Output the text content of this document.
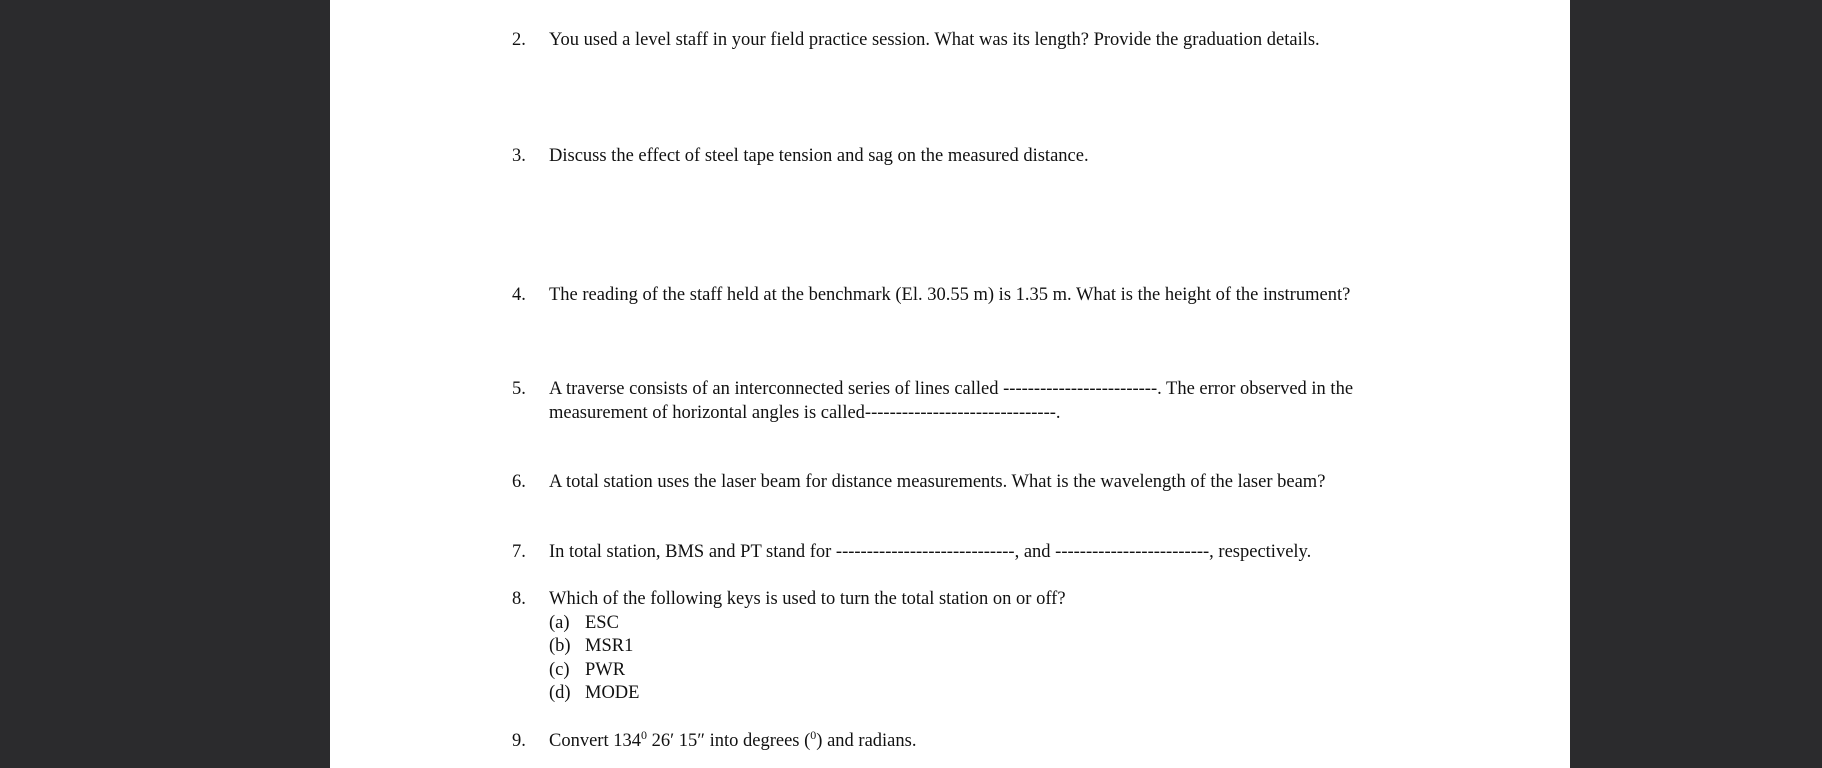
2. You used a level staff in your field practice session. What was its length? Provide the graduation details.
3. Discuss the effect of steel tape tension and sag on the measured distance.
4. The reading of the staff held at the benchmark (El. 30.55 m) is 1.35 m. What is the height of the instrument?
5. A traverse consists of an interconnected series of lines called -------------------------. The error observed in the
measurement of horizontal angles is called-------------------------------.
6. A total station uses the laser beam for distance measurements. What is the wavelength of the laser beam?
7. In total station, BMS and PT stand for -----------------------------, and -------------------------, respectively.
8. Which of the following keys is used to turn the total station on or off?
(a) ESC
(b) MSR1
(c) PWR
(d) MODE
9. Convert $134^0$ 26′ 15″ into degrees ($^0$) and radians.
